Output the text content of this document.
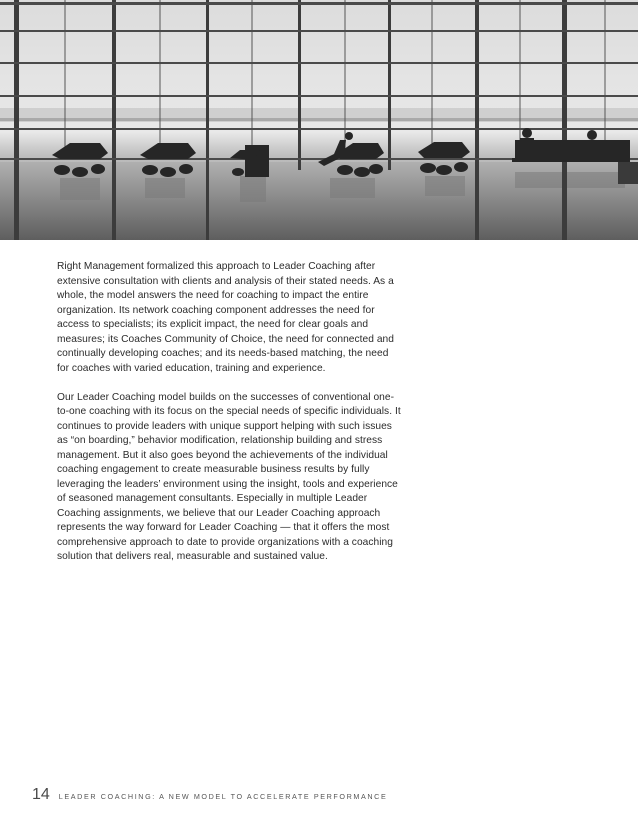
Right Management formalized this approach to Leader Coaching after extensive consultation with clients and analysis of their stated needs. As a whole, the model answers the need for coaching to impact the entire organization. Its network coaching component addresses the need for access to specialists; its explicit impact, the need for clear goals and measures; its Coaches Community of Choice, the need for connected and continually developing coaches; and its needs-based matching, the need for coaches with varied education, training and experience.

Our Leader Coaching model builds on the successes of conventional one-to-one coaching with its focus on the special needs of specific individuals. It continues to provide leaders with unique support helping with such issues as “on boarding,” behavior modification, relationship building and stress management. But it also goes beyond the achievements of the individual coaching engagement to create measurable business results by fully leveraging the leaders’ environment using the insight, tools and experience of seasoned management consultants. Especially in multiple Leader Coaching assignments, we believe that our Leader Coaching approach represents the way forward for Leader Coaching — that it offers the most comprehensive approach to date to provide organizations with a coaching solution that delivers real, measurable and sustained value.

14 LEADER COACHING: A NEW MODEL TO ACCELERATE PERFORMANCE
